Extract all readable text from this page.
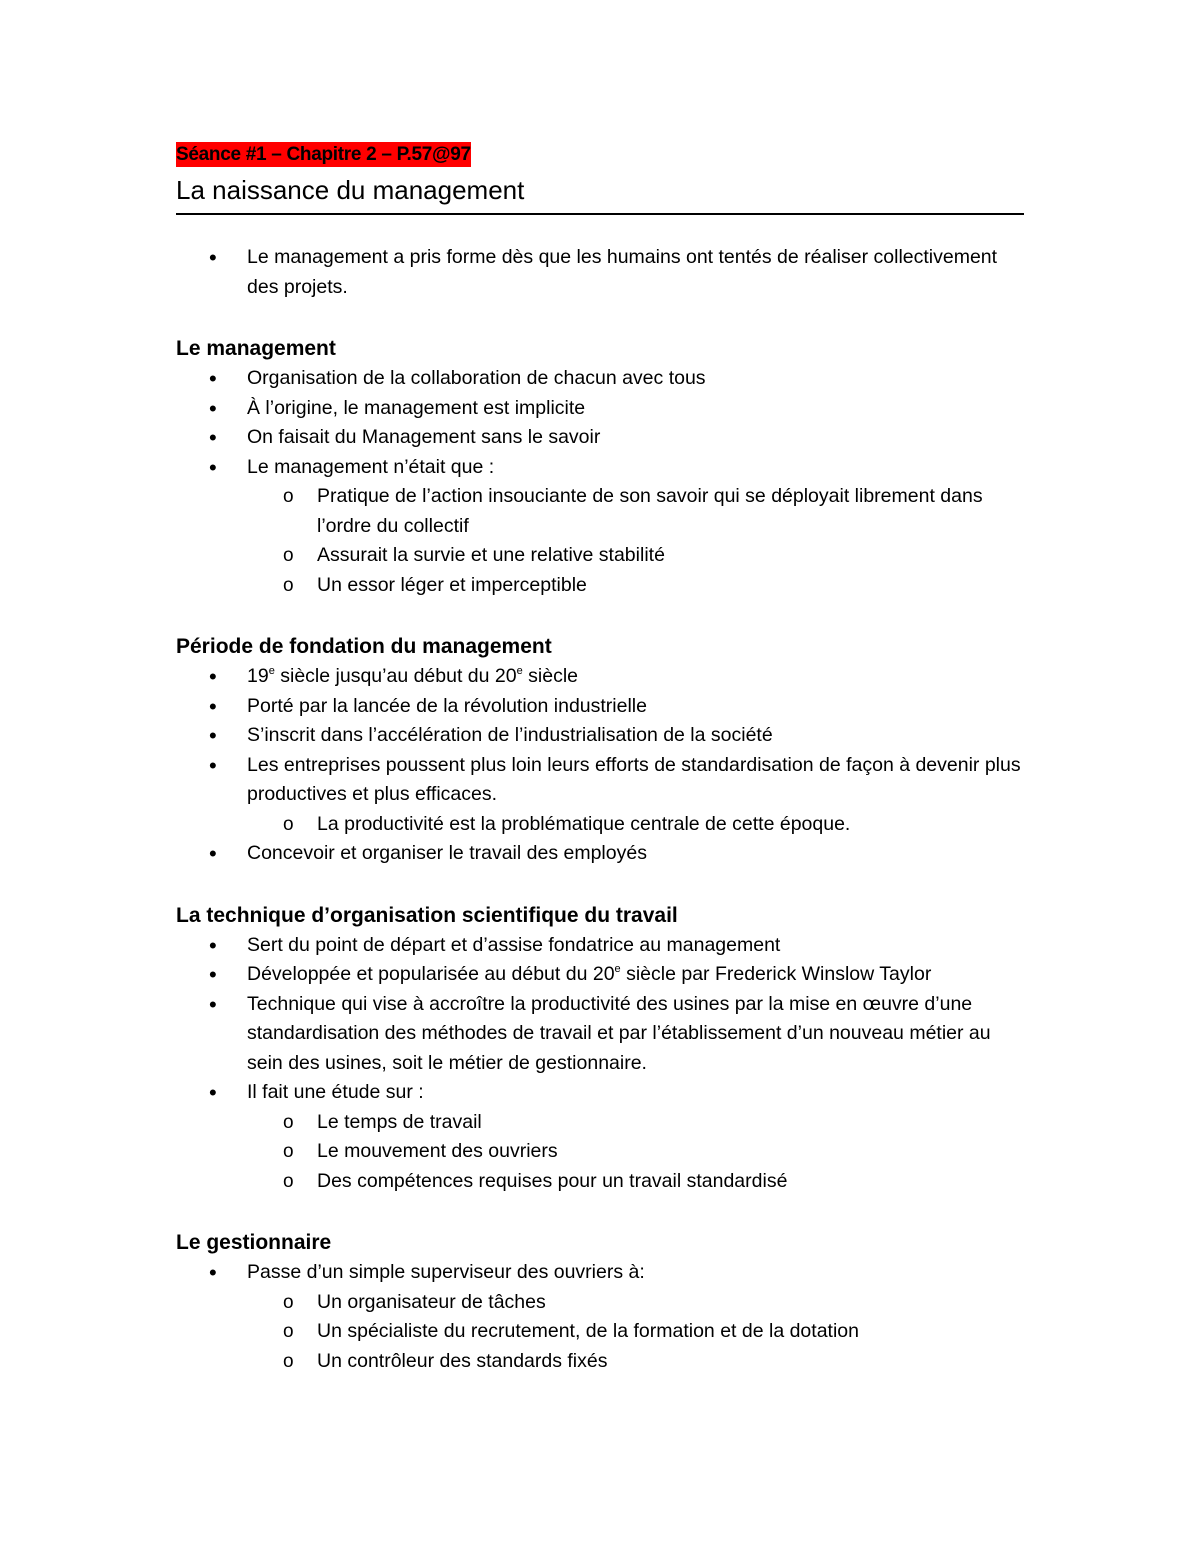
Séance #1 – Chapitre 2 – P.57@97
La naissance du management
• Le management a pris forme dès que les humains ont tentés de réaliser collectivement des projets.
Le management
• Organisation de la collaboration de chacun avec tous
• À l’origine, le management est implicite
• On faisait du Management sans le savoir
• Le management n’était que :
o Pratique de l’action insouciante de son savoir qui se déployait librement dans l’ordre du collectif
o Assurait la survie et une relative stabilité
o Un essor léger et imperceptible
Période de fondation du management
• 19e siècle jusqu’au début du 20e siècle
• Porté par la lancée de la révolution industrielle
• S’inscrit dans l’accélération de l’industrialisation de la société
• Les entreprises poussent plus loin leurs efforts de standardisation de façon à devenir plus productives et plus efficaces.
o La productivité est la problématique centrale de cette époque.
• Concevoir et organiser le travail des employés
La technique d’organisation scientifique du travail
• Sert du point de départ et d’assise fondatrice au management
• Développée et popularisée au début du 20e siècle par Frederick Winslow Taylor
• Technique qui vise à accroître la productivité des usines par la mise en œuvre d’une standardisation des méthodes de travail et par l’établissement d’un nouveau métier au sein des usines, soit le métier de gestionnaire.
• Il fait une étude sur :
o Le temps de travail
o Le mouvement des ouvriers
o Des compétences requises pour un travail standardisé
Le gestionnaire
• Passe d’un simple superviseur des ouvriers à:
o Un organisateur de tâches
o Un spécialiste du recrutement, de la formation et de la dotation
o Un contrôleur des standards fixés
